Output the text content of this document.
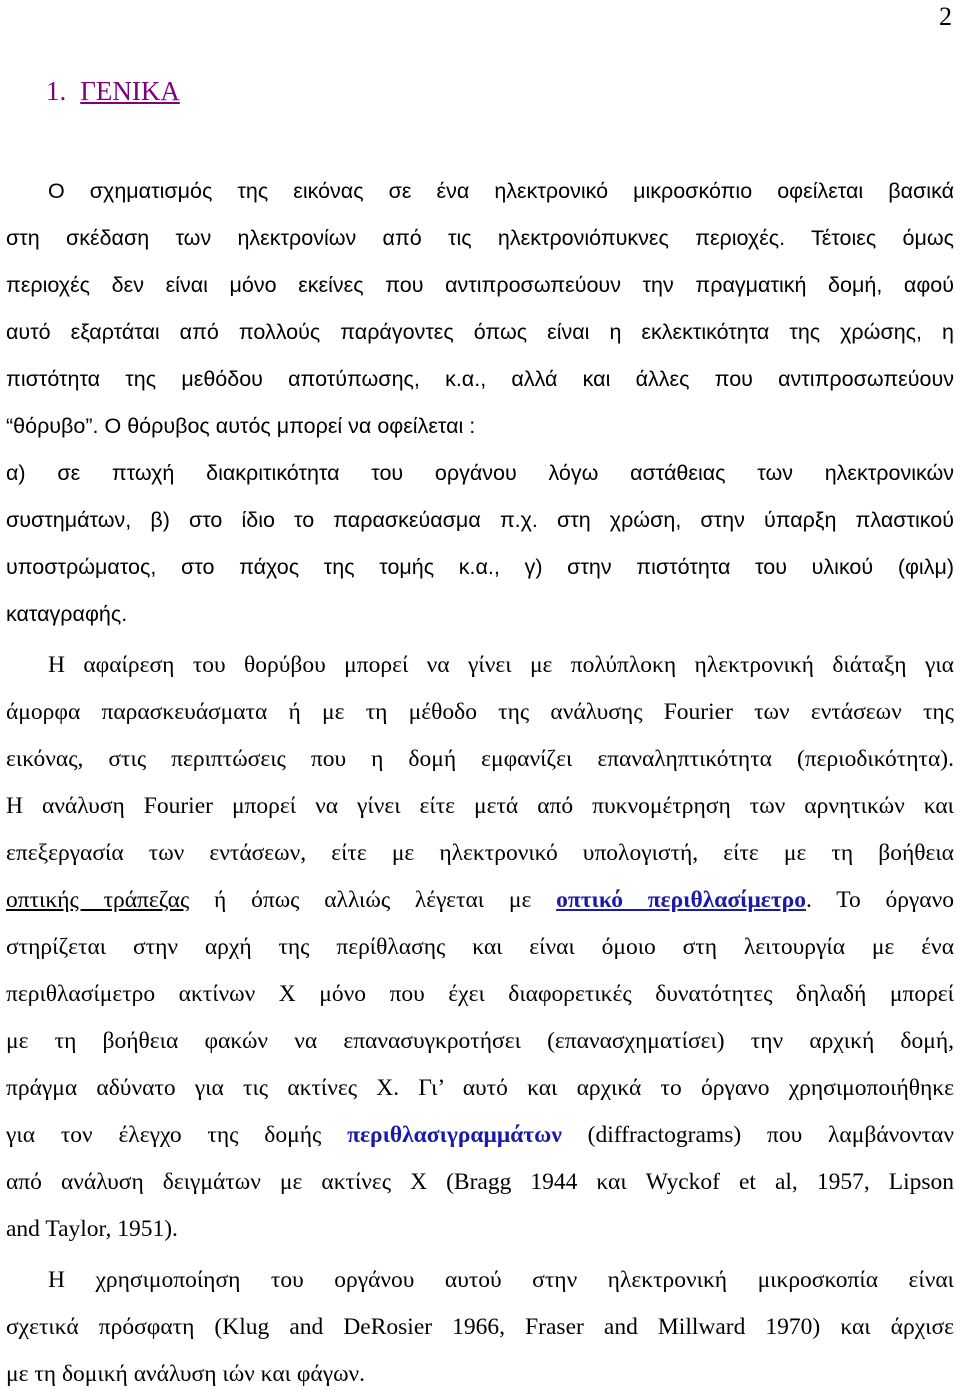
2
1. ΓΕΝΙΚΑ
Ο σχηματισμός της εικόνας σε ένα ηλεκτρονικό μικροσκόπιο οφείλεται βασικά
στη σκέδαση των ηλεκτρονίων από τις ηλεκτρονιόπυκνες περιοχές. Τέτοιες όμως
περιοχές δεν είναι μόνο εκείνες που αντιπροσωπεύουν την πραγματική δομή, αφού
αυτό εξαρτάται από πολλούς παράγοντες όπως είναι η εκλεκτικότητα της χρώσης, η
πιστότητα της μεθόδου αποτύπωσης, κ.α., αλλά και άλλες που αντιπροσωπεύουν
“θόρυβο”. Ο θόρυβος αυτός μπορεί να οφείλεται :
α) σε πτωχή διακριτικότητα του οργάνου λόγω αστάθειας των ηλεκτρονικών
συστημάτων, β) στο ίδιο το παρασκεύασμα π.χ. στη χρώση, στην ύπαρξη πλαστικού
υποστρώματος, στο πάχος της τομής κ.α., γ) στην πιστότητα του υλικού (φιλμ)
καταγραφής.
Η αφαίρεση του θορύβου μπορεί να γίνει με πολύπλοκη ηλεκτρονική διάταξη για
άμορφα παρασκευάσματα ή με τη μέθοδο της ανάλυσης Fourier των εντάσεων της
εικόνας, στις περιπτώσεις που η δομή εμφανίζει επαναληπτικότητα (περιοδικότητα).
Η ανάλυση Fourier μπορεί να γίνει είτε μετά από πυκνομέτρηση των αρνητικών και
επεξεργασία των εντάσεων, είτε με ηλεκτρονικό υπολογιστή, είτε με τη βοήθεια
οπτικής τράπεζας ή όπως αλλιώς λέγεται με οπτικό περιθλασίμετρο. Το όργανο
στηρίζεται στην αρχή της περίθλασης και είναι όμοιο στη λειτουργία με ένα
περιθλασίμετρο ακτίνων X μόνο που έχει διαφορετικές δυνατότητες δηλαδή μπορεί
με τη βοήθεια φακών να επανασυγκροτήσει (επανασχηματίσει) την αρχική δομή,
πράγμα αδύνατο για τις ακτίνες X. Γι’ αυτό και αρχικά το όργανο χρησιμοποιήθηκε
για τον έλεγχο της δομής περιθλασιγραμμάτων (diffractograms) που λαμβάνονταν
από ανάλυση δειγμάτων με ακτίνες X (Bragg 1944 και Wyckof et al, 1957, Lipson
and Taylor, 1951).
Η χρησιμοποίηση του οργάνου αυτού στην ηλεκτρονική μικροσκοπία είναι
σχετικά πρόσφατη (Klug and DeRosier 1966, Fraser and Millward 1970) και άρχισε
με τη δομική ανάλυση ιών και φάγων.
